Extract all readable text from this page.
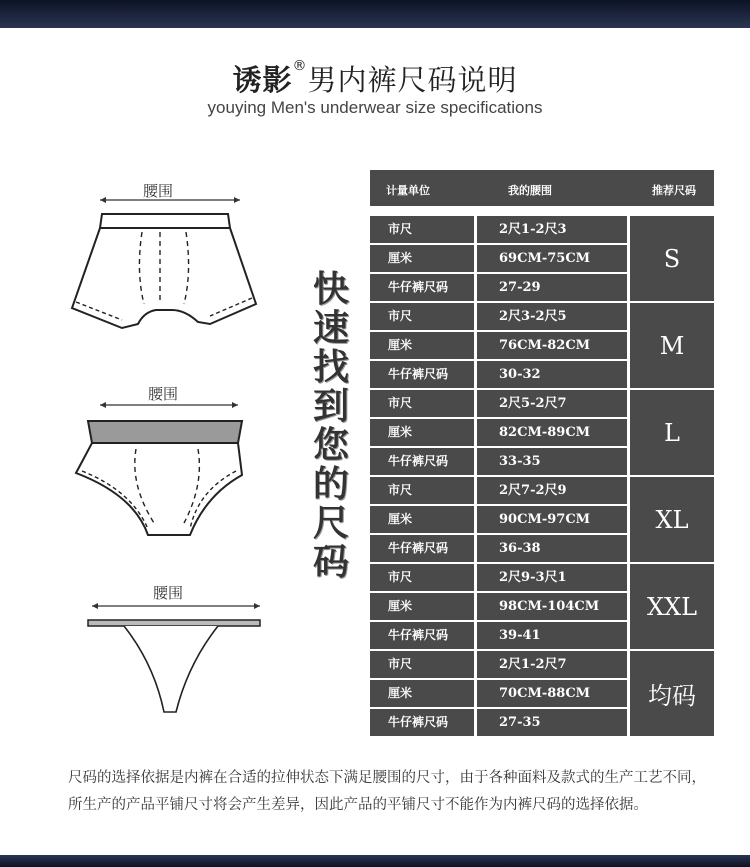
诱影®男内裤尺码说明
youying Men's underwear size specifications
腰围
腰围
腰围
快
速
找
到
您
的
尺
码
计量单位	我的腰围	推荐尺码
市尺	2尺1-2尺3
厘米	69CM-75CM
牛仔裤尺码	27-29
S
市尺	2尺3-2尺5
厘米	76CM-82CM
牛仔裤尺码	30-32
M
市尺	2尺5-2尺7
厘米	82CM-89CM
牛仔裤尺码	33-35
L
市尺	2尺7-2尺9
厘米	90CM-97CM
牛仔裤尺码	36-38
XL
市尺	2尺9-3尺1
厘米	98CM-104CM
牛仔裤尺码	39-41
XXL
市尺	2尺1-2尺7
厘米	70CM-88CM
牛仔裤尺码	27-35
均码
尺码的选择依据是内裤在合适的拉伸状态下满足腰围的尺寸，由于各种面料及款式的生产工艺不同，所生产的产品平铺尺寸将会产生差异，因此产品的平铺尺寸不能作为内裤尺码的选择依据。
